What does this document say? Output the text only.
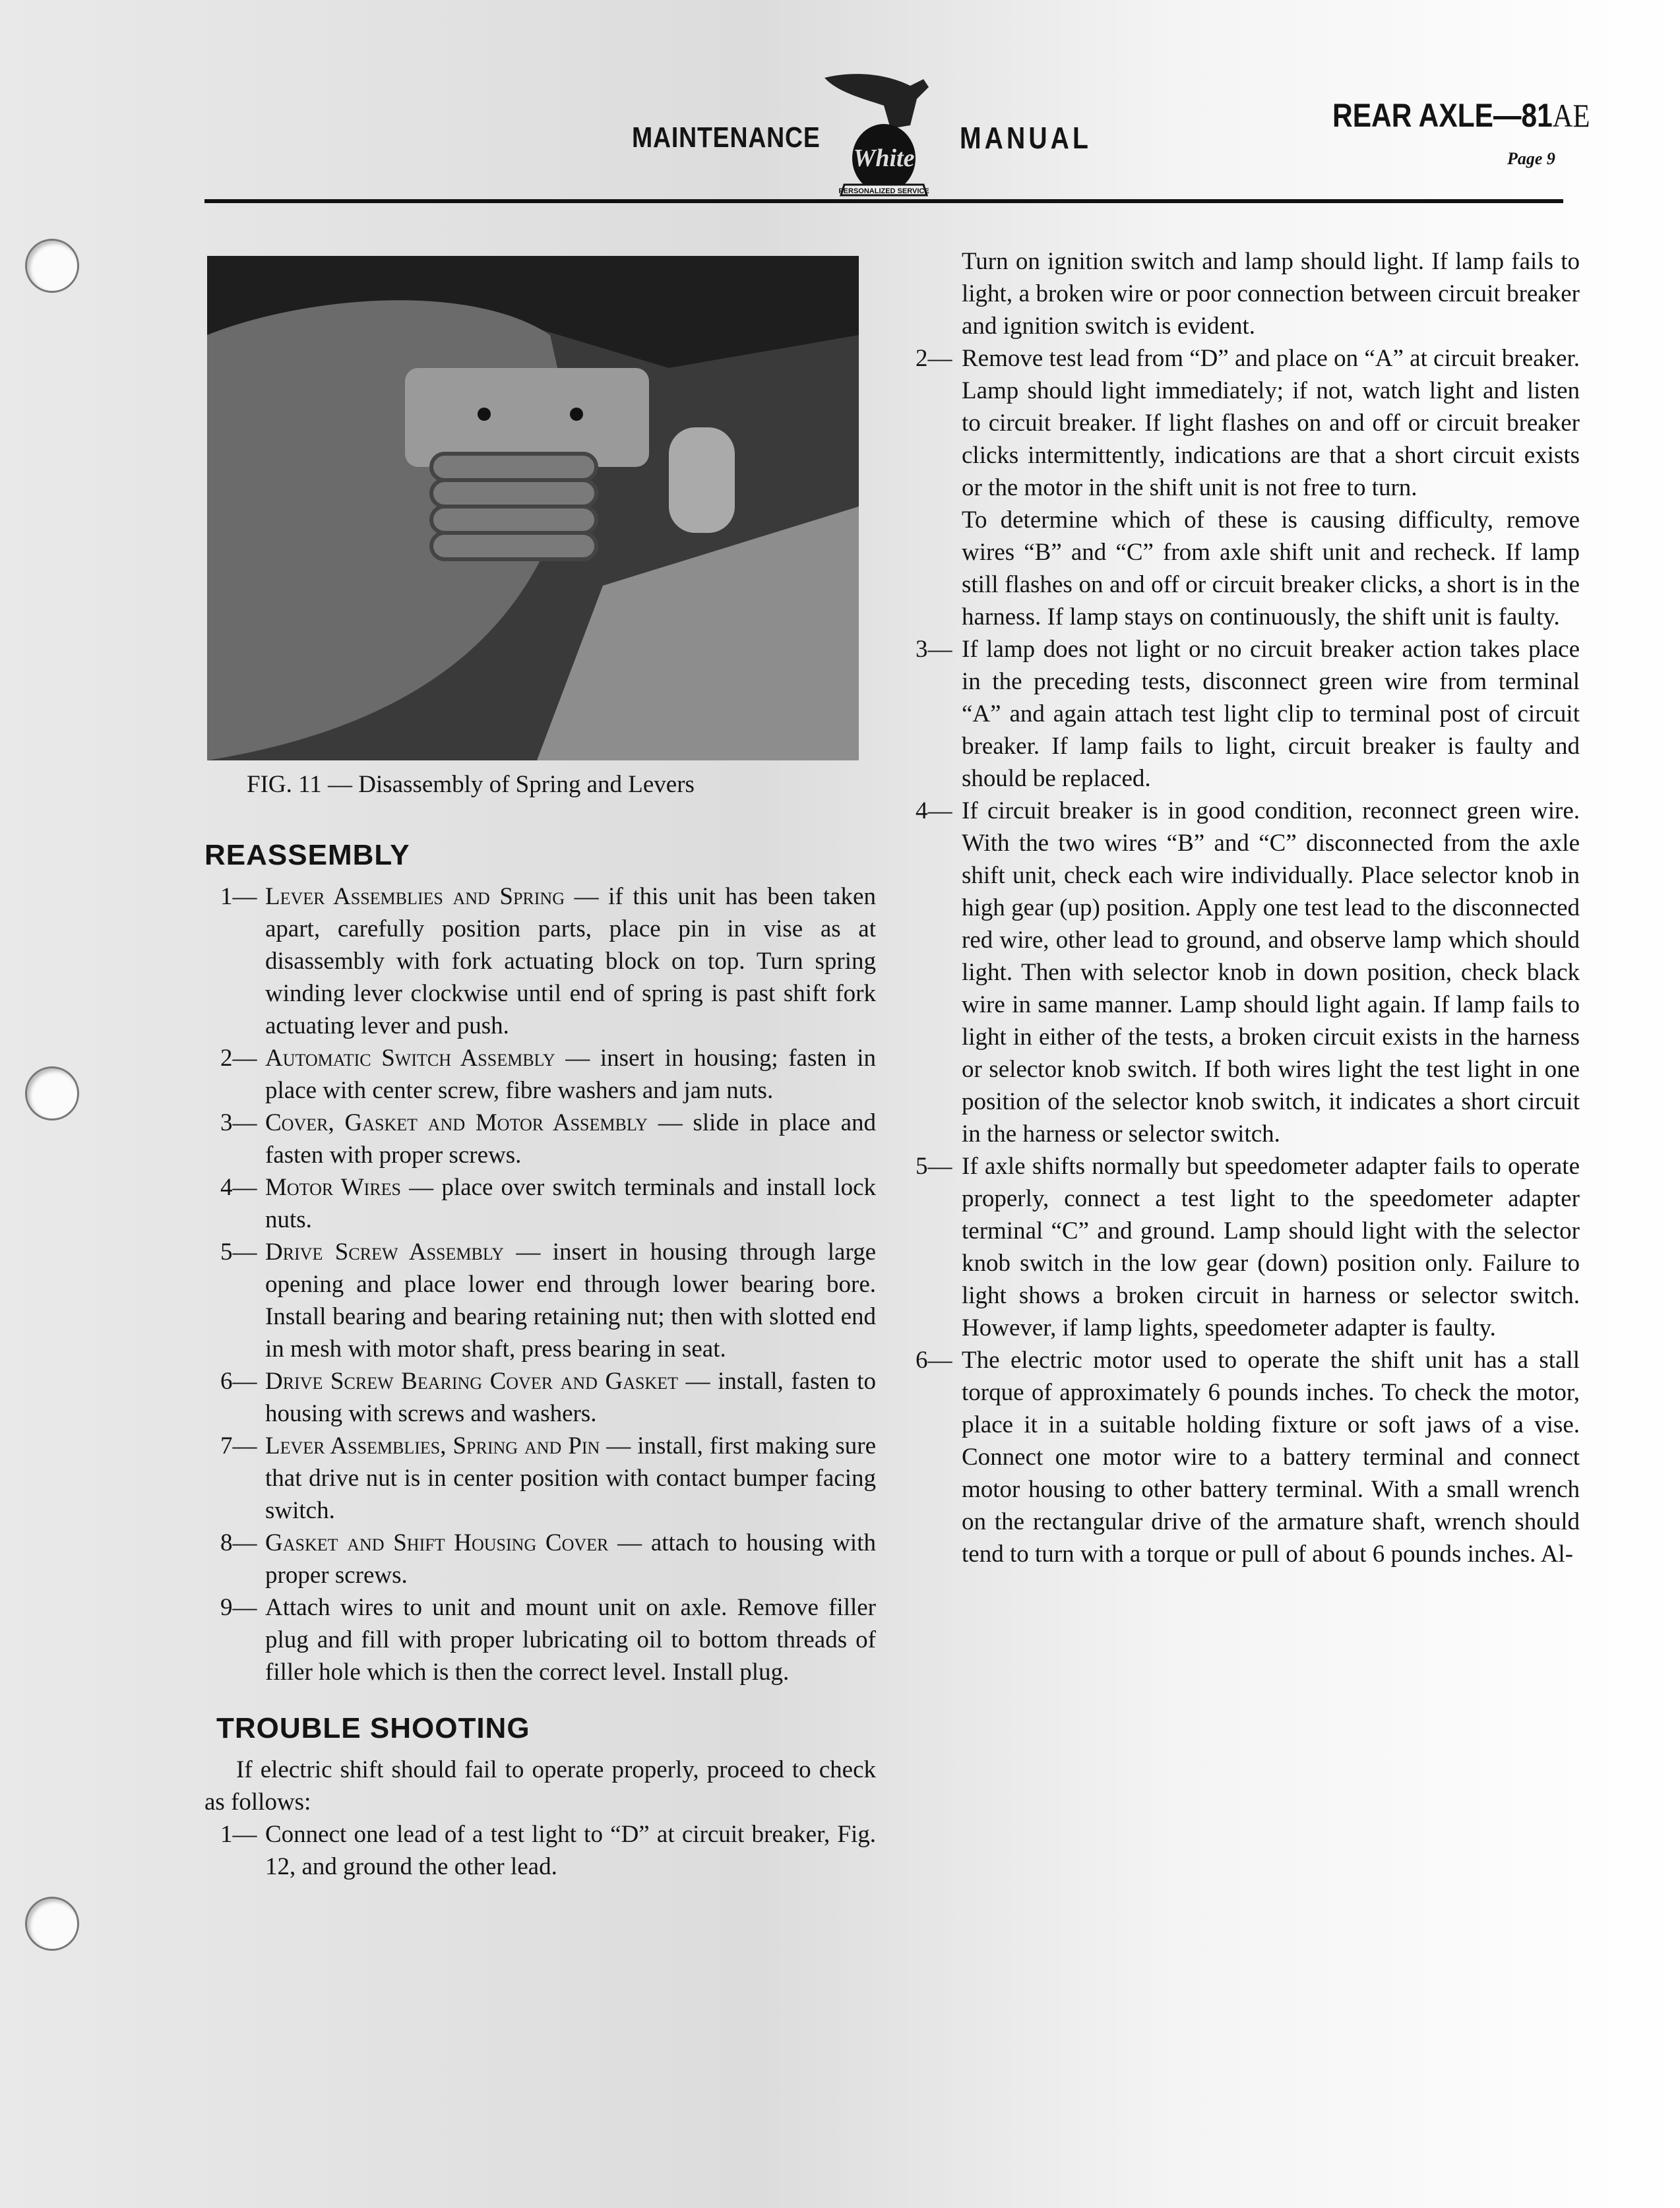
MAINTENANCE
White
PERSONALIZED SERVICE
MANUAL
REAR AXLE—81AE
Page 9
FIG. 11 — Disassembly of Spring and Levers
REASSEMBLY
1— Lever Assemblies and Spring — if this unit has been taken apart, carefully position parts, place pin in vise as at disassembly with fork actuating block on top. Turn spring winding lever clockwise until end of spring is past shift fork actuating lever and push.
2— Automatic Switch Assembly — insert in housing; fasten in place with center screw, fibre washers and jam nuts.
3— Cover, Gasket and Motor Assembly — slide in place and fasten with proper screws.
4— Motor Wires — place over switch terminals and install lock nuts.
5— Drive Screw Assembly — insert in housing through large opening and place lower end through lower bearing bore. Install bearing and bearing retaining nut; then with slotted end in mesh with motor shaft, press bearing in seat.
6— Drive Screw Bearing Cover and Gasket — install, fasten to housing with screws and washers.
7— Lever Assemblies, Spring and Pin — install, first making sure that drive nut is in center position with contact bumper facing switch.
8— Gasket and Shift Housing Cover — attach to housing with proper screws.
9— Attach wires to unit and mount unit on axle. Remove filler plug and fill with proper lubricating oil to bottom threads of filler hole which is then the correct level. Install plug.
TROUBLE SHOOTING

If electric shift should fail to operate properly, proceed to check as follows:

1— Connect one lead of a test light to “D” at circuit breaker, Fig. 12, and ground the other lead.

Turn on ignition switch and lamp should light. If lamp fails to light, a broken wire or poor connection between circuit breaker and ignition switch is evident.

2— Remove test lead from “D” and place on “A” at circuit breaker. Lamp should light immediately; if not, watch light and listen to circuit breaker. If light flashes on and off or circuit breaker clicks intermittently, indications are that a short circuit exists or the motor in the shift unit is not free to turn.

To determine which of these is causing difficulty, remove wires “B” and “C” from axle shift unit and recheck. If lamp still flashes on and off or circuit breaker clicks, a short is in the harness. If lamp stays on continuously, the shift unit is faulty.

3— If lamp does not light or no circuit breaker action takes place in the preceding tests, disconnect green wire from terminal “A” and again attach test light clip to terminal post of circuit breaker. If lamp fails to light, circuit breaker is faulty and should be replaced.

4— If circuit breaker is in good condition, reconnect green wire. With the two wires “B” and “C” disconnected from the axle shift unit, check each wire individually. Place selector knob in high gear (up) position. Apply one test lead to the disconnected red wire, other lead to ground, and observe lamp which should light. Then with selector knob in down position, check black wire in same manner. Lamp should light again. If lamp fails to light in either of the tests, a broken circuit exists in the harness or selector knob switch. If both wires light the test light in one position of the selector knob switch, it indicates a short circuit in the harness or selector switch.

5— If axle shifts normally but speedometer adapter fails to operate properly, connect a test light to the speedometer adapter terminal “C” and ground. Lamp should light with the selector knob switch in the low gear (down) position only. Failure to light shows a broken circuit in harness or selector switch. However, if lamp lights, speedometer adapter is faulty.

6— The electric motor used to operate the shift unit has a stall torque of approximately 6 pounds inches. To check the motor, place it in a suitable holding fixture or soft jaws of a vise. Connect one motor wire to a battery terminal and connect motor housing to other battery terminal. With a small wrench on the rectangular drive of the armature shaft, wrench should tend to turn with a torque or pull of about 6 pounds inches. Al-
